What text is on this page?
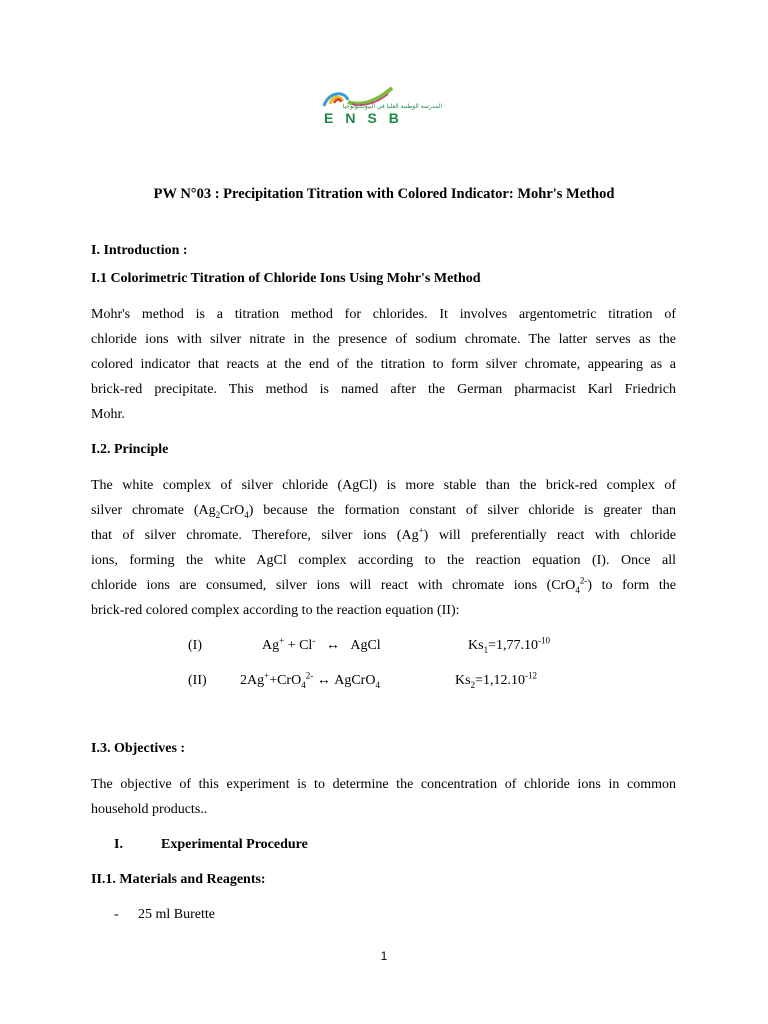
المدرسة الوطنية العليا في البيوتكنولوجيا
ENSB
PW N°03 : Precipitation Titration with Colored Indicator: Mohr's Method
I. Introduction :
I.1 Colorimetric Titration of Chloride Ions Using Mohr's Method
Mohr's method is a titration method for chlorides. It involves argentometric titration of
chloride ions with silver nitrate in the presence of sodium chromate. The latter serves as the
colored indicator that reacts at the end of the titration to form silver chromate, appearing as a
brick-red precipitate. This method is named after the German pharmacist Karl Friedrich
Mohr.
I.2. Principle
The white complex of silver chloride (AgCl) is more stable than the brick-red complex of
silver chromate $(Ag_2CrO_4)$ because the formation constant of silver chloride is greater than
that of silver chromate. Therefore, silver ions (Ag+) will preferentially react with chloride
ions, forming the white AgCl complex according to the reaction equation (I). Once all
chloride ions are consumed, silver ions will react with chromate ions (CrO$_4^{2-}$) to form the
brick-red colored complex according to the reaction equation (II):
(I)	Ag+ + Cl- ↔ AgCl	$Ks_1=1,77.10^{-10}$
(II) 2Ag++CrO$_4^{2-}$ ↔ AgCrO$_4$	$Ks_2=1,12.10^{-12}$
I.3. Objectives :
The objective of this experiment is to determine the concentration of chloride ions in common
household products..
I.	Experimental Procedure
II.1. Materials and Reagents:
- 25 ml Burette
1
